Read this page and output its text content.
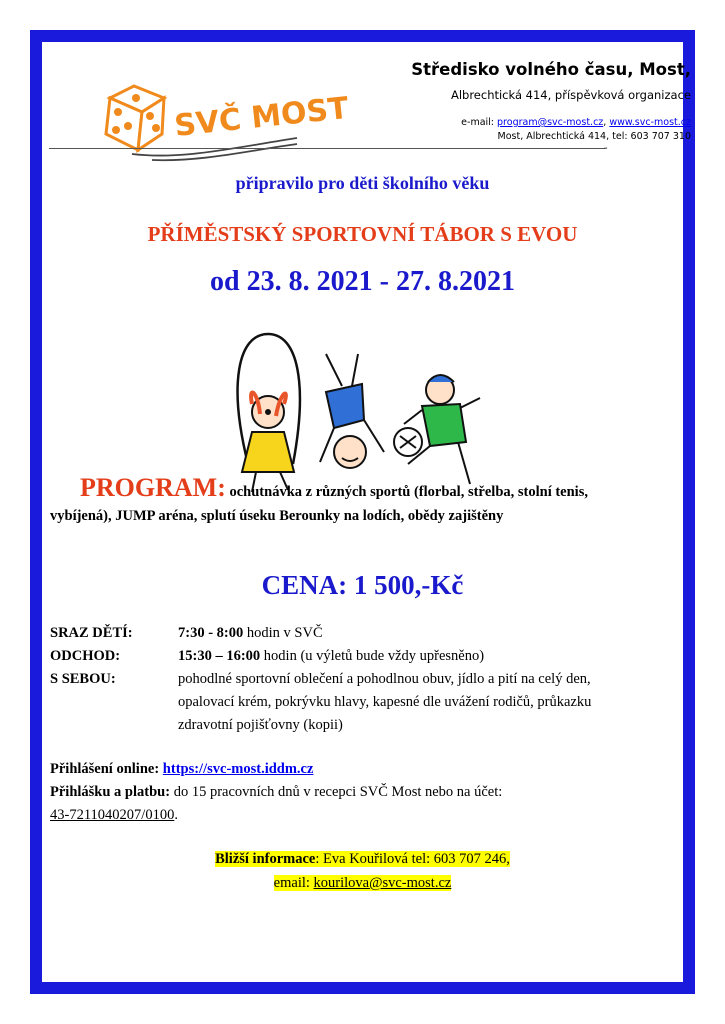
SVČ MOST
Středisko volného času, Most,
Albrechtická 414, příspěvková organizace
e-mail: program@svc-most.cz, www.svc-most.cz
Most, Albrechtická 414, tel: 603 707 310
-
připravilo pro děti školního věku
PŘÍMĚSTSKÝ SPORTOVNÍ TÁBOR S EVOU
od 23. 8. 2021 - 27. 8.2021
PROGRAM: ochutnávka z různých sportů (florbal, střelba, stolní tenis, vybíjená), JUMP aréna, splutí úseku Berounky na lodích, obědy zajištěny
CENA: 1 500,-Kč
SRAZ DĚTÍ:	7:30 - 8:00 hodin v SVČ
ODCHOD:	15:30 – 16:00 hodin (u výletů bude vždy upřesněno)
S SEBOU:	pohodlné sportovní oblečení a pohodlnou obuv, jídlo a pití na celý den, opalovací krém, pokrývku hlavy, kapesné dle uvážení rodičů, průkazku zdravotní pojišťovny (kopii)
Přihlášení online: https://svc-most.iddm.cz
Přihlášku a platbu: do 15 pracovních dnů v recepci SVČ Most nebo na účet:
43-7211040207/0100.
Bližší informace: Eva Kouřilová tel: 603 707 246,
email: kourilova@svc-most.cz
